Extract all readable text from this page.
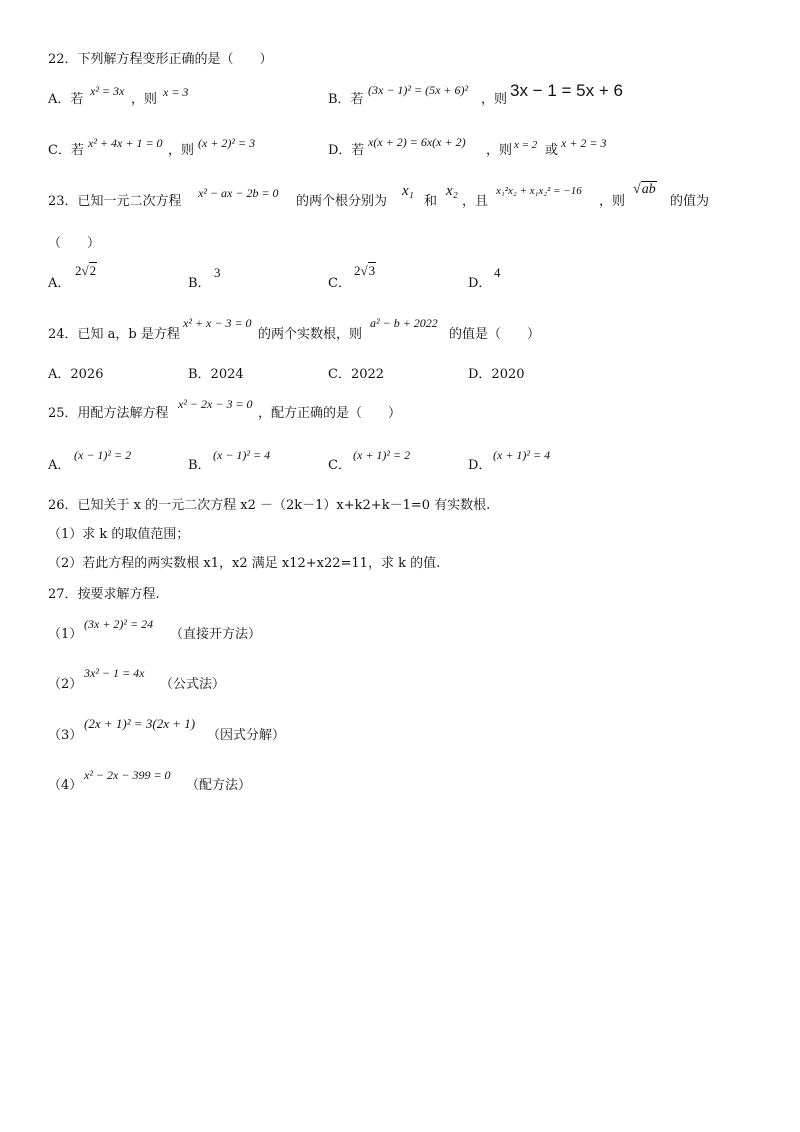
22．下列解方程变形正确的是（　　）
A．若
x² = 3x
，则 x = 3	B．若
(3x − 1)² = (5x + 6)²
，则 3x − 1 = 5x + 6
C．若 x² + 4x + 1 = 0 ，则 (x + 2)² = 3	D．若
x(x + 2) = 6x(x + 2)
，则 x = 2 或 x + 2 = 3
23．已知一元二次方程
x² − ax − 2b = 0
的两个根分别为
x₁
和
x₂
，且
x₁²x₂ + x₁x₂² = −16
，则
√ab
的值为
（　　）
A．
2√2
B．
3
C．
2√3
D．
4
24．已知 a，b 是方程
x² + x − 3 = 0
的两个实数根，则
a² − b + 2022
的值是（　　）
A．2026	B．2024	C．2022	D．2020
25．用配方法解方程
x² − 2x − 3 = 0
，配方正确的是（　　）
A．
(x − 1)² = 2
B．
(x − 1)² = 4
C．
(x + 1)² = 2
D．
(x + 1)² = 4
26．已知关于 x 的一元二次方程 x2 －（2k－1）x+k2+k－1=0 有实数根.
（1）求 k 的取值范围；
（2）若此方程的两实数根 x1，x2 满足 x12+x22=11，求 k 的值.
27．按要求解方程.
（1）
(3x + 2)² = 24
（直接开方法）
（2）
3x² − 1 = 4x
（公式法）
（3）
(2x + 1)² = 3(2x + 1)
（因式分解）
（4）
x² − 2x − 399 = 0
（配方法）
